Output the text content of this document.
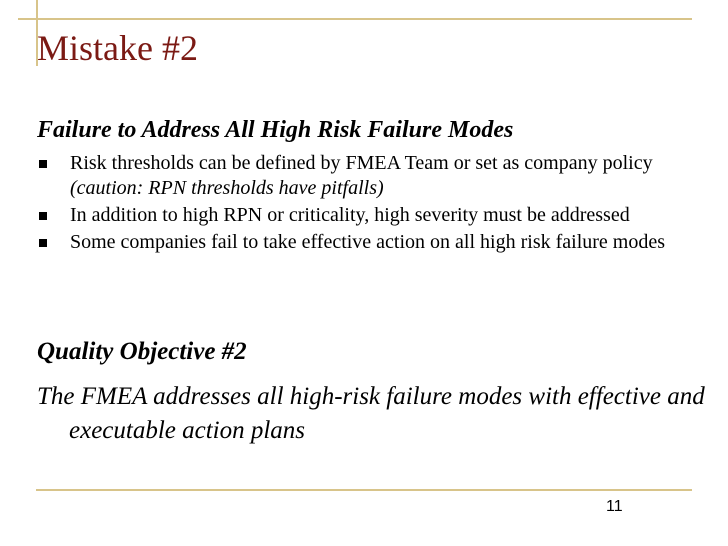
Mistake #2
Failure to Address All High Risk Failure Modes
Risk thresholds can be defined by FMEA Team or set as company policy (caution: RPN thresholds have pitfalls)
In addition to high RPN or criticality, high severity must be addressed
Some companies fail to take effective action on all high risk failure modes
Quality Objective #2

The FMEA addresses all high-risk failure modes with effective and executable action plans

11
